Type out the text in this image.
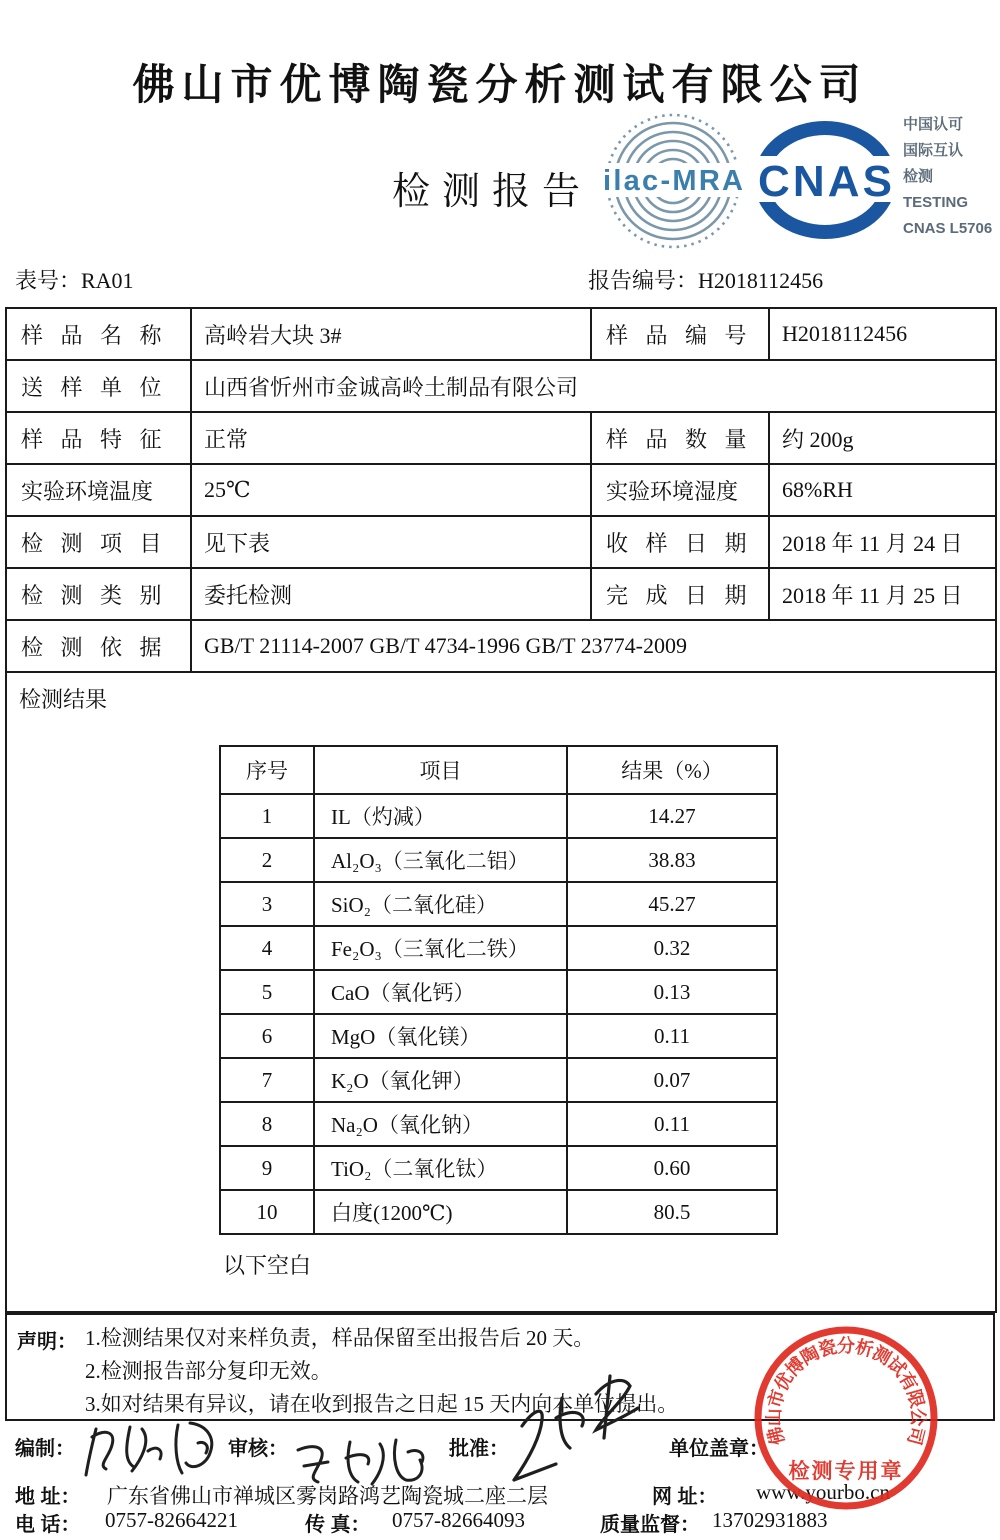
佛山市优博陶瓷分析测试有限公司
检测报告 ilac-MRA CNAS
中国认可
国际互认
检测
TESTING
CNAS L5706
表号：RA01	报告编号：H2018112456
样 品 名 称	高岭岩大块 3#	样 品 编 号	H2018112456
送 样 单 位	山西省忻州市金诚高岭土制品有限公司
样 品 特 征	正常	样 品 数 量	约 200g
实验环境温度	25℃	实验环境湿度	68%RH
检 测 项 目	见下表	收 样 日 期	2018 年 11 月 24 日
检 测 类 别	委托检测	完 成 日 期	2018 年 11 月 25 日
检 测 依 据	GB/T 21114-2007 GB/T 4734-1996 GB/T 23774-2009

检测结果
序号	项目	结果（%）
1	IL（灼减）	14.27
2	Al₂O₃（三氧化二铝）	38.83
3	SiO₂（二氧化硅）	45.27
4	Fe₂O₃（三氧化二铁）	0.32
5	CaO（氧化钙）	0.13
6	MgO（氧化镁）	0.11
7	K₂O（氧化钾）	0.07
8	Na₂O（氧化钠）	0.11
9	TiO₂（二氧化钛）	0.60
10	白度(1200℃)	80.5
以下空白
声明： 1.检测结果仅对来样负责，样品保留至出报告后 20 天。
2.检测报告部分复印无效。
3.如对结果有异议，请在收到报告之日起 15 天内向本单位提出。
编制：	审核：	批准：	单位盖章：
地 址： 广东省佛山市禅城区雾岗路鸿艺陶瓷城二座二层	网 址： www.yourbo.cn
电 话： 0757-82664221	传 真： 0757-82664093	质量监督： 13702931883
佛山市优博陶瓷分析测试有限公司
检测专用章
